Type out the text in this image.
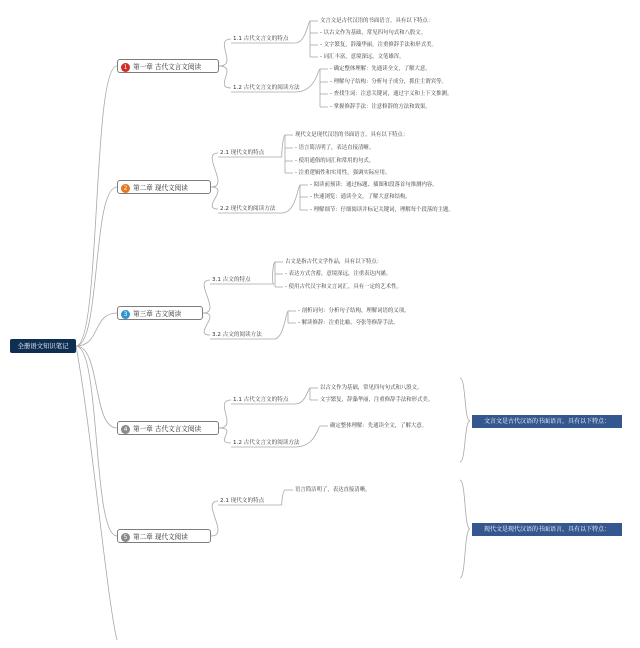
全册语文知识笔记
1 第一章 古代文言文阅读
1.1 古代文言文的特点
文言文是古代汉语的书面语言，具有以下特点：
- 以古文作为基础，常见四句句式和八股文。
- 文字繁复，辞藻华丽，注重修辞手法和形式美。
- 词汇丰富，意境深远，文笔雄浑。
1.2 古代文言文的阅读方法
- 确定整体理解：先通读全文，了解大意。
- 理解句子结构：分析句子成分，抓住主谓宾等。
- 查找生词：注意关键词，通过字义和上下文推测。
- 掌握修辞手法：注意修辞的方法和效果。
2 第二章 现代文阅读
2.1 现代文的特点
现代文是现代汉语的书面语言，具有以下特点：
- 语言简洁明了，表达直接清晰。
- 使用通俗的词汇和常用的句式。
- 注重逻辑性和实用性，强调实际应用。
2.2 现代文的阅读方法
- 阅读前预读：通过标题、插图和段落首句推测内容。
- 快速浏览：通读全文，了解大意和结构。
- 理解细节：仔细阅读并标记关键词，理解每个段落的主题。
3 第三章 古文阅读
3.1 古文的特点
古文是指古代文学作品，具有以下特点：
- 表达方式含蓄，意境深远，注重表达内涵。
- 使用古代汉字和文言词汇，具有一定的艺术性。
3.2 古文的阅读方法
- 剖析词句：分析句子结构，理解词语的义项。
- 解读修辞：注重比喻、夸张等修辞手法。
4 第一章 古代文言文阅读
1.1 古代文言文的特点
以古文作为基础，常见四句句式和八股文。
文字繁复，辞藻华丽，注重修辞手法和形式美。
1.2 古代文言文的阅读方法
确定整体理解：先通读全文，了解大意。
5 第二章 现代文阅读
2.1 现代文的特点
语言简洁明了，表达直接清晰。
文言文是古代汉语的书面语言，具有以下特点：
现代文是现代汉语的书面语言，具有以下特点：
